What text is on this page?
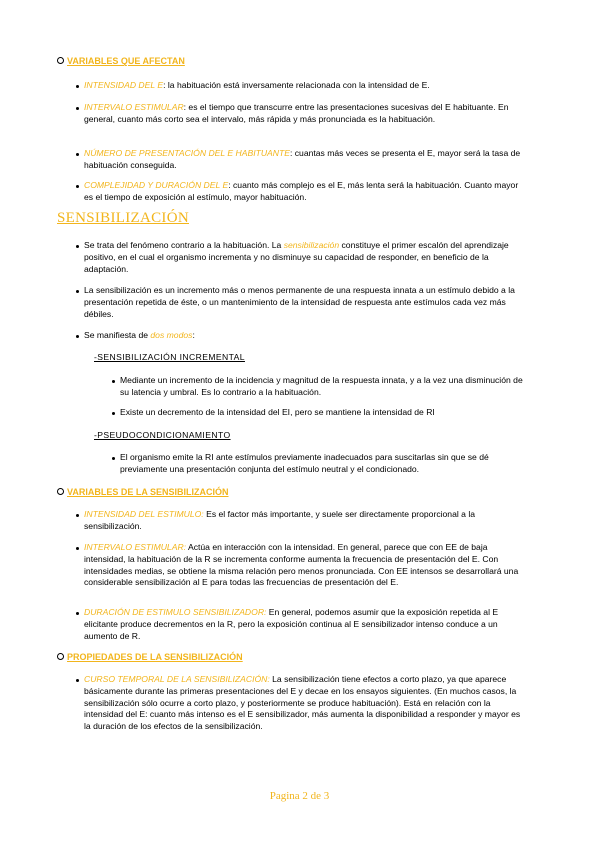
VARIABLES QUE AFECTAN
INTENSIDAD DEL E: la habituación está inversamente relacionada con la intensidad de E.
INTERVALO ESTIMULAR: es el tiempo que transcurre entre las presentaciones sucesivas del E habituante. En general, cuanto más corto sea el intervalo, más rápida y más pronunciada es la habituación.
NÚMERO DE PRESENTACIÓN DEL E HABITUANTE: cuantas más veces se presenta el E, mayor será la tasa de habituación conseguida.
COMPLEJIDAD Y DURACIÓN DEL E: cuanto más complejo es el E, más lenta será la habituación. Cuanto mayor es el tiempo de exposición al estímulo, mayor habituación.
SENSIBILIZACIÓN
Se trata del fenómeno contrario a la habituación. La sensibilización constituye el primer escalón del aprendizaje positivo, en el cual el organismo incrementa y no disminuye su capacidad de responder, en beneficio de la adaptación.
La sensibilización es un incremento más o menos permanente de una respuesta innata a un estímulo debido a la presentación repetida de éste, o un mantenimiento de la intensidad de respuesta ante estímulos cada vez más débiles.
Se manifiesta de dos modos:
-SENSIBILIZACIÓN INCREMENTAL
Mediante un incremento de la incidencia y magnitud de la respuesta innata, y a la vez una disminución de su latencia y umbral. Es lo contrario a la habituación.
Existe un decremento de la intensidad del EI, pero se mantiene la intensidad de RI
-PSEUDOCONDICIONAMIENTO
El organismo emite la RI ante estímulos previamente inadecuados para suscitarlas sin que se dé previamente una presentación conjunta del estímulo neutral y el condicionado.
VARIABLES DE LA SENSIBILIZACIÓN
INTENSIDAD DEL ESTIMULO: Es el factor más importante, y suele ser directamente proporcional a la sensibilización.
INTERVALO ESTIMULAR: Actúa en interacción con la intensidad. En general, parece que con EE de baja intensidad, la habituación de la R se incrementa conforme aumenta la frecuencia de presentación del E. Con intensidades medias, se obtiene la misma relación pero menos pronunciada. Con EE intensos se desarrollará una considerable sensibilización al E para todas las frecuencias de presentación del E.
DURACIÓN DE ESTIMULO SENSIBILIZADOR: En general, podemos asumir que la exposición repetida al E elicitante produce decrementos en la R, pero la exposición continua al E sensibilizador intenso conduce a un aumento de R.
PROPIEDADES DE LA SENSIBILIZACIÓN
CURSO TEMPORAL DE LA SENSIBILIZACIÓN: La sensibilización tiene efectos a corto plazo, ya que aparece básicamente durante las primeras presentaciones del E y decae en los ensayos siguientes. (En muchos casos, la sensibilización sólo ocurre a corto plazo, y posteriormente se produce habituación). Está en relación con la intensidad del E: cuanto más intenso es el E sensibilizador, más aumenta la disponibilidad a responder y mayor es la duración de los efectos de la sensibilización.
Pagina 2 de 3
